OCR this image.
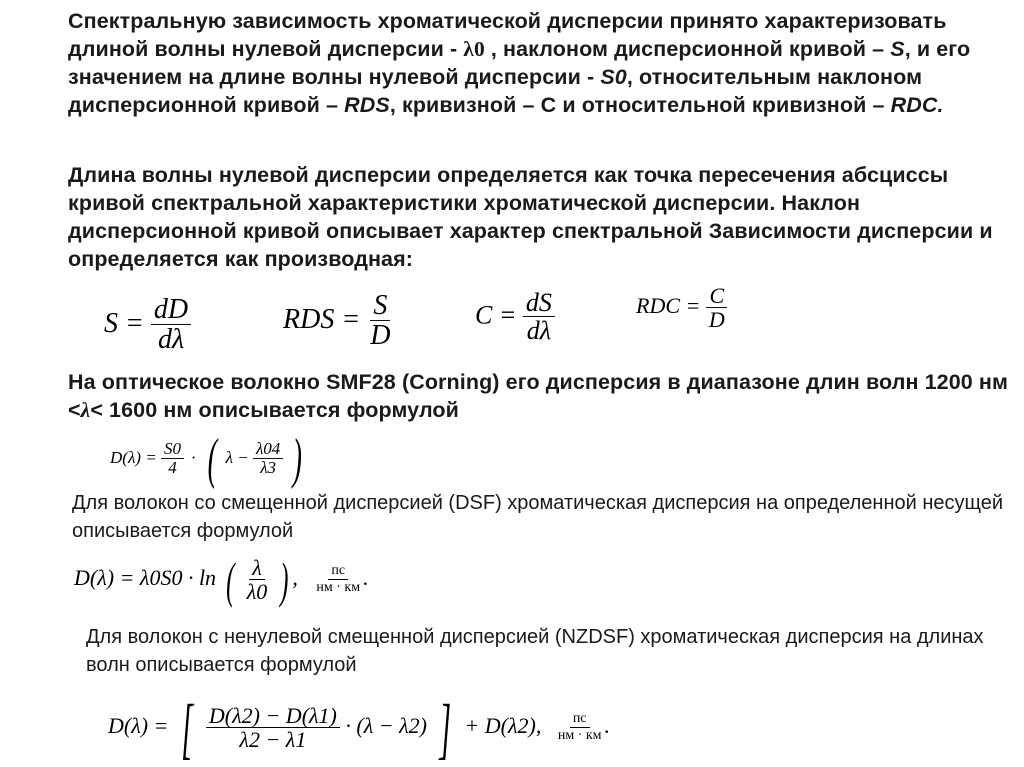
Спектральную зависимость хроматической дисперсии принято характеризовать длиной волны нулевой дисперсии - λ0 , наклоном дисперсионной кривой – S, и его значением на длине волны нулевой дисперсии - S0, относительным наклоном дисперсионной кривой – RDS, кривизной – C и относительной кривизной – RDC.
Длина волны нулевой дисперсии определяется как точка пересечения абсциссы кривой спектральной характеристики хроматической дисперсии. Наклон дисперсионной кривой описывает характер спектральной Зависимости дисперсии и определяется как производная:
$S = \frac{dD}{d\lambda}$	RDS = $\frac{S}{D}$	$C = \frac{dS}{d\lambda}$	RDC = $\frac{C}{D}$
На оптическое волокно SMF28 (Corning) его дисперсия в диапазоне длин волн 1200 нм <λ< 1600 нм описывается формулой
$D(\lambda) = \frac{S0}{4}$ · ( $\lambda - \frac{\lambda 04}{\lambda 3}$ )
Для волокон со смещенной дисперсией (DSF) хроматическая дисперсия на определенной несущей описывается формулой
D(λ) = λ0S0 · ln ( $\frac{\lambda}{\lambda 0}$ ) , $\frac{пс}{нм \cdot км}$ .
Для волокон с ненулевой смещенной дисперсией (NZDSF) хроматическая дисперсия на длинах волн описывается формулой
D(λ) = [ $\frac{D(\lambda 2) - D(\lambda 1)}{\lambda 2 - \lambda 1} \cdot (\lambda - \lambda 2)$ ] + D(λ2), $\frac{пс}{нм \cdot км}$ .
